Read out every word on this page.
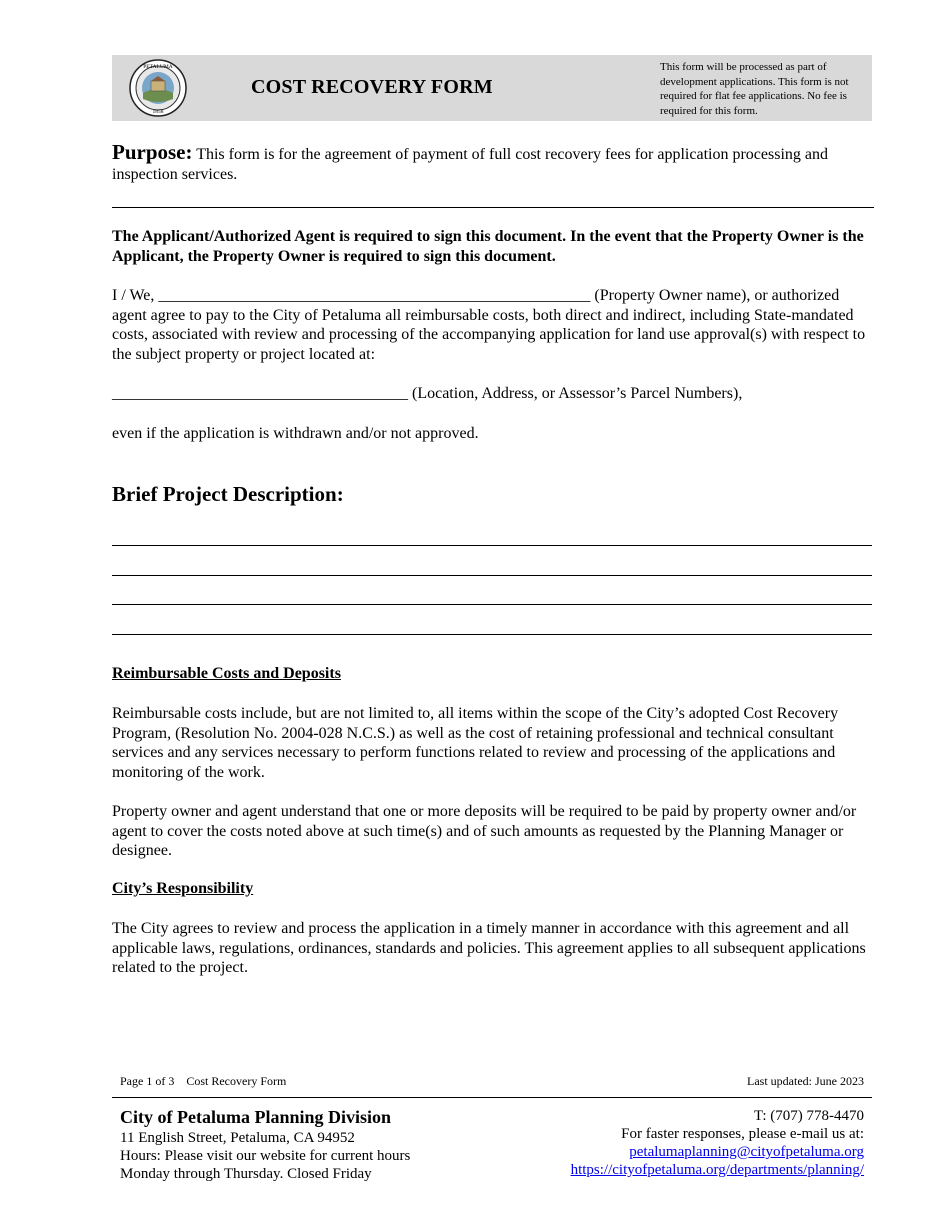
PETALUMA
1858
COST RECOVERY FORM
This form will be processed as part of development applications. This form is not required for flat fee applications. No fee is required for this form.
Purpose: This form is for the agreement of payment of full cost recovery fees for application processing and inspection services.

The Applicant/Authorized Agent is required to sign this document. In the event that the Property Owner is the Applicant, the Property Owner is required to sign this document.

I / We, ______________________________________________________ (Property Owner name), or authorized agent agree to pay to the City of Petaluma all reimbursable costs, both direct and indirect, including State-mandated costs, associated with review and processing of the accompanying application for land use approval(s) with respect to the subject property or project located at:

_____________________________________ (Location, Address, or Assessor’s Parcel Numbers),

even if the application is withdrawn and/or not approved.

Brief Project Description:
Reimbursable Costs and Deposits

Reimbursable costs include, but are not limited to, all items within the scope of the City’s adopted Cost Recovery Program, (Resolution No. 2004-028 N.C.S.) as well as the cost of retaining professional and technical consultant services and any services necessary to perform functions related to review and processing of the applications and monitoring of the work.

Property owner and agent understand that one or more deposits will be required to be paid by property owner and/or agent to cover the costs noted above at such time(s) and of such amounts as requested by the Planning Manager or designee.

City’s Responsibility

The City agrees to review and process the application in a timely manner in accordance with this agreement and all applicable laws, regulations, ordinances, standards and policies. This agreement applies to all subsequent applications related to the project.

Page 1 of 3 Cost Recovery Form	Last updated: June 2023
City of Petaluma Planning Division
11 English Street, Petaluma, CA 94952
Hours: Please visit our website for current hours
Monday through Thursday. Closed Friday
T: (707) 778-4470
For faster responses, please e-mail us at:
petalumaplanning@cityofpetaluma.org
https://cityofpetaluma.org/departments/planning/
